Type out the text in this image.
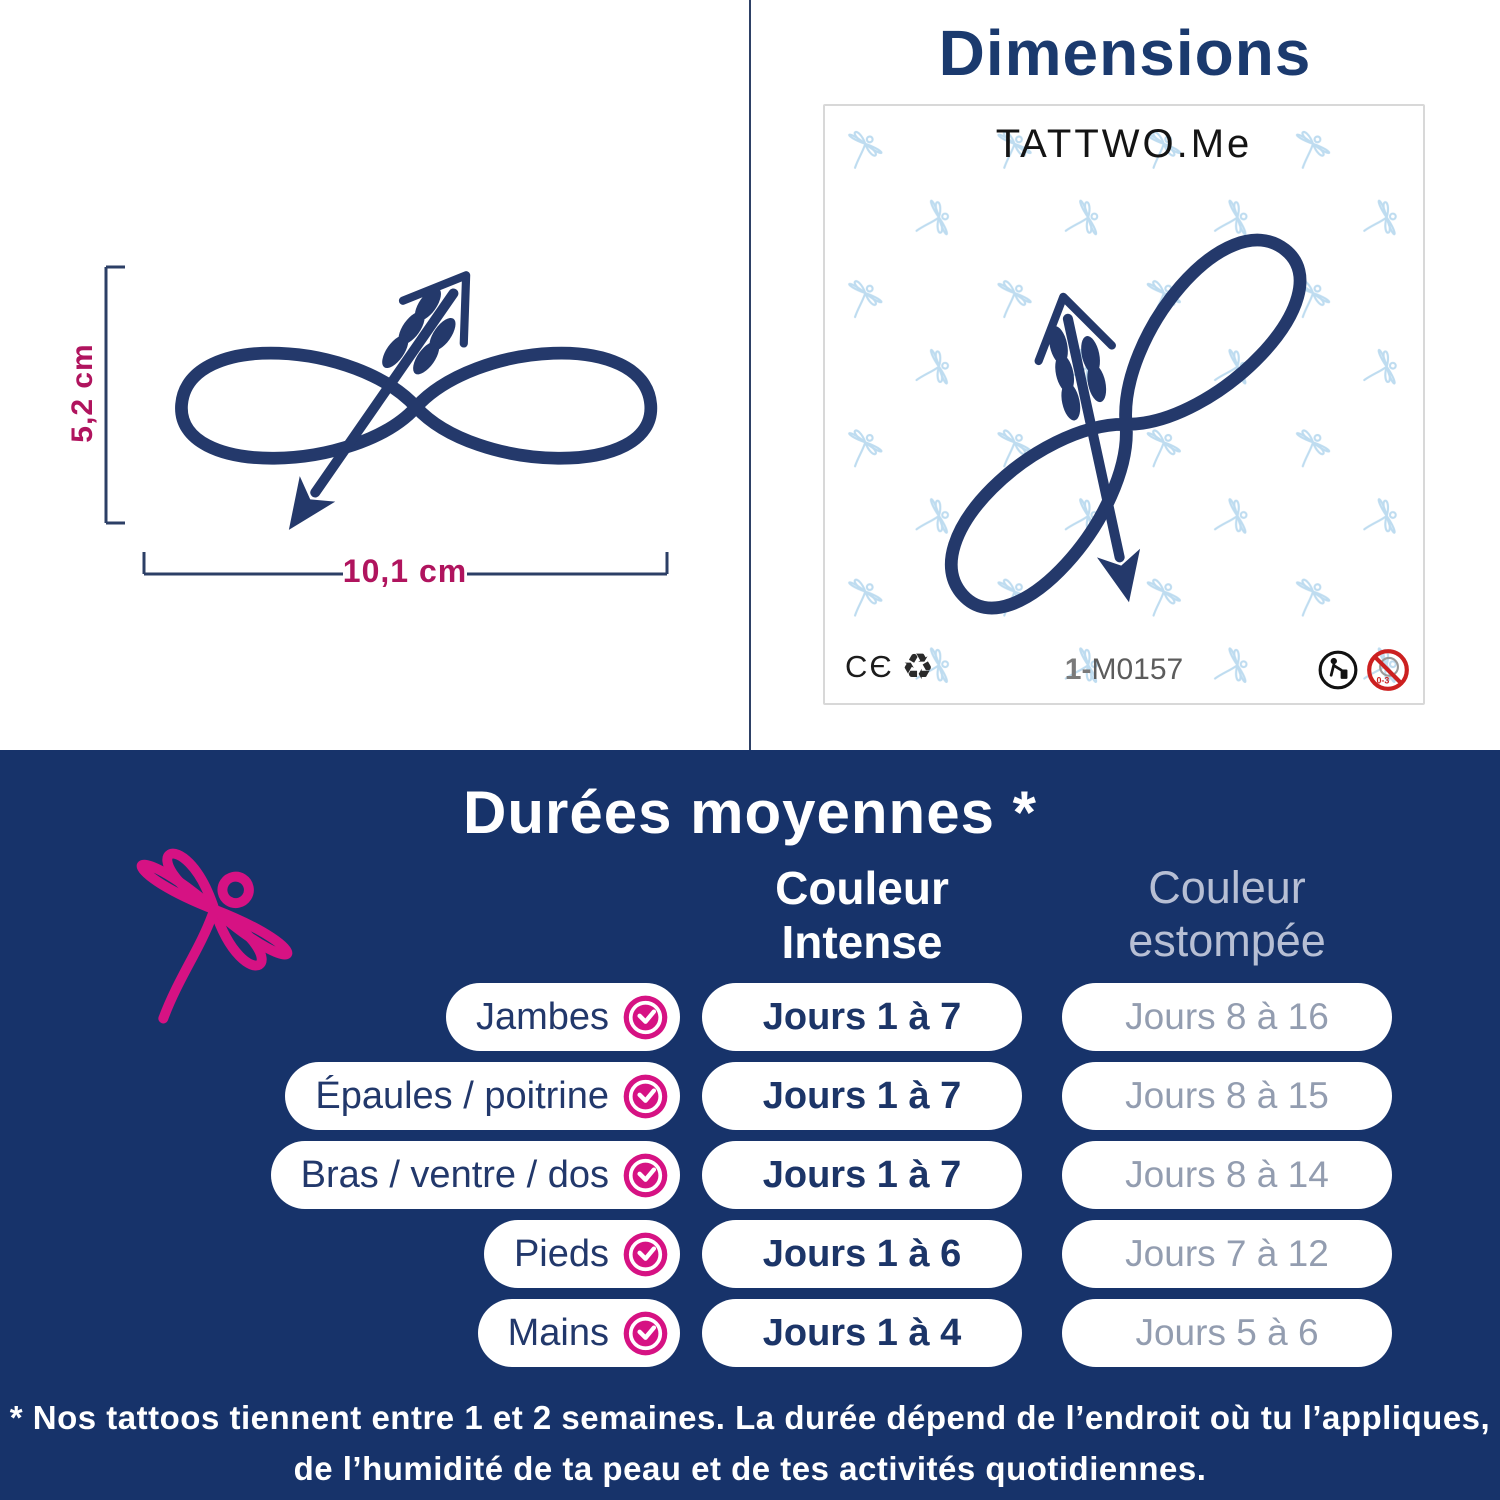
5,2 cm
10,1 cm
Dimensions
TATTWO.Me
CЄ ♻	1-M0157
Durées moyennes *
Couleur
Intense
Couleur
estompée
Jambes	Jours 1 à 7	Jours 8 à 16
Épaules / poitrine	Jours 1 à 7	Jours 8 à 15
Bras / ventre / dos	Jours 1 à 7	Jours 8 à 14
Pieds	Jours 1 à 6	Jours 7 à 12
Mains	Jours 1 à 4	Jours 5 à 6

* Nos tattoos tiennent entre 1 et 2 semaines. La durée dépend de l’endroit où tu l’appliques,

de l’humidité de ta peau et de tes activités quotidiennes.
